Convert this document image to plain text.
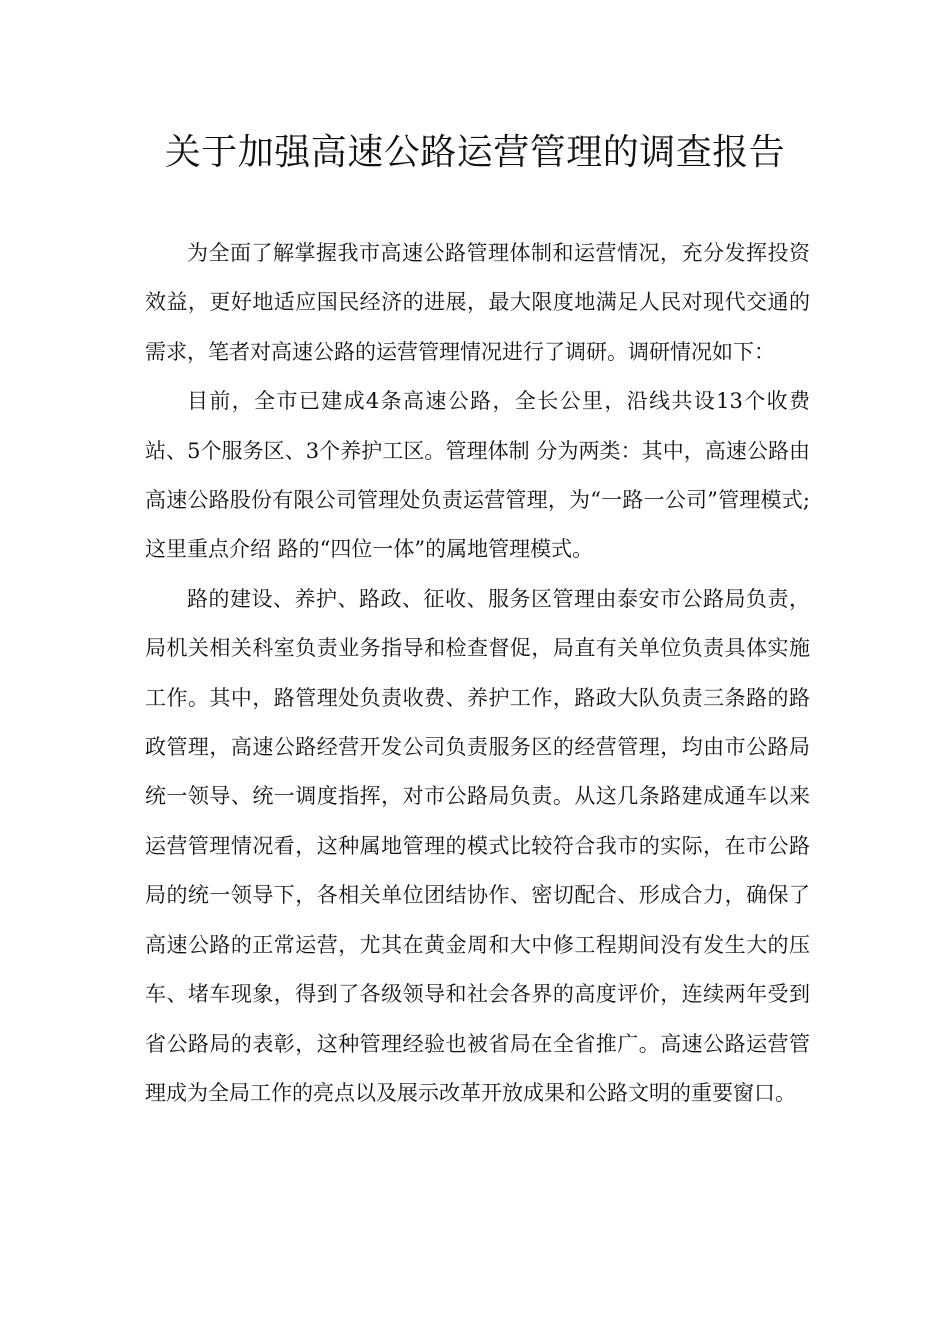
关于加强高速公路运营管理的调查报告

为全面了解掌握我市高速公路管理体制和运营情况，充分发挥投资效益，更好地适应国民经济的进展，最大限度地满足人民对现代交通的需求，笔者对高速公路的运营管理情况进行了调研。调研情况如下：

目前，全市已建成4条高速公路，全长公里，沿线共设13个收费站、5个服务区、3个养护工区。管理体制 分为两类：其中，高速公路由高速公路股份有限公司管理处负责运营管理，为“一路一公司”管理模式;这里重点介绍 路的“四位一体”的属地管理模式。

路的建设、养护、路政、征收、服务区管理由泰安市公路局负责，局机关相关科室负责业务指导和检查督促，局直有关单位负责具体实施工作。其中，路管理处负责收费、养护工作，路政大队负责三条路的路政管理，高速公路经营开发公司负责服务区的经营管理，均由市公路局统一领导、统一调度指挥，对市公路局负责。从这几条路建成通车以来运营管理情况看，这种属地管理的模式比较符合我市的实际，在市公路局的统一领导下，各相关单位团结协作、密切配合、形成合力，确保了高速公路的正常运营，尤其在黄金周和大中修工程期间没有发生大的压车、堵车现象，得到了各级领导和社会各界的高度评价，连续两年受到省公路局的表彰，这种管理经验也被省局在全省推广。高速公路运营管理成为全局工作的亮点以及展示改革开放成果和公路文明的重要窗口。
